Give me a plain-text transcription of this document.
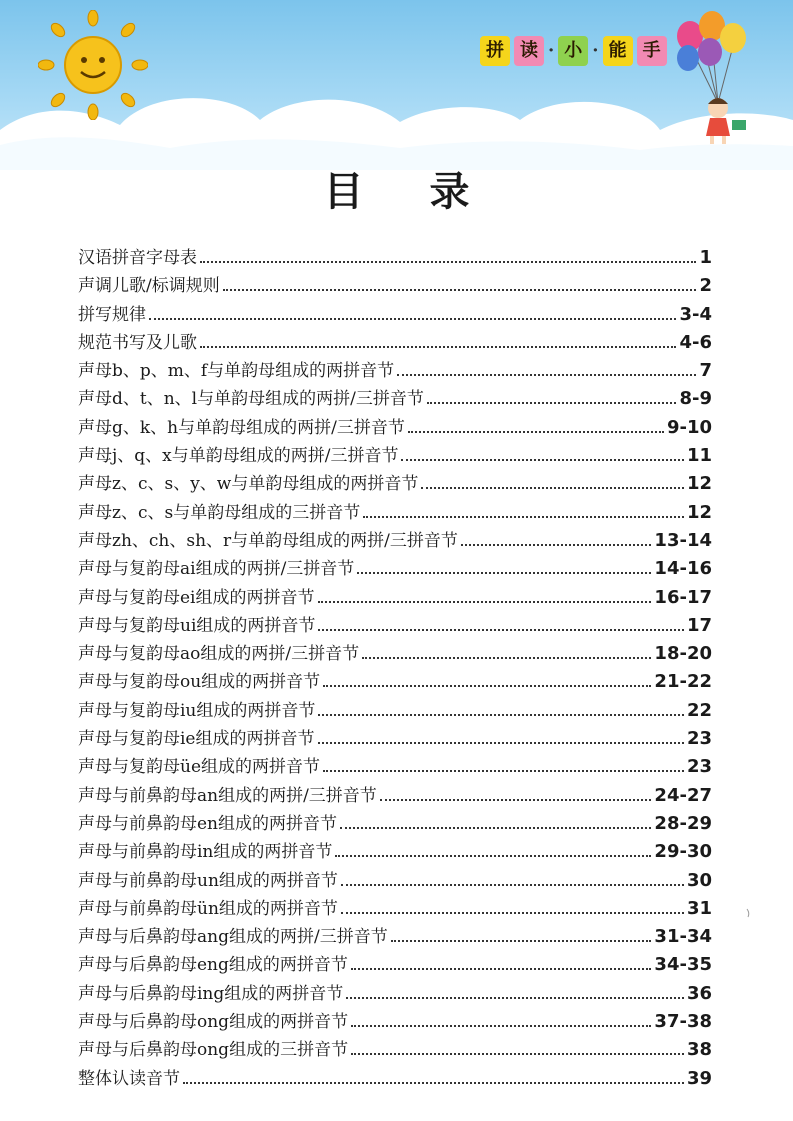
拼 读 · 小 · 能 手
目 录
汉语拼音字母表	1
声调儿歌/标调规则	2
拼写规律	3-4
规范书写及儿歌	4-6
声母b、p、m、f与单韵母组成的两拼音节	7
声母d、t、n、l与单韵母组成的两拼/三拼音节	8-9
声母g、k、h与单韵母组成的两拼/三拼音节	9-10
声母j、q、x与单韵母组成的两拼/三拼音节	11
声母z、c、s、y、w与单韵母组成的两拼音节	12
声母z、c、s与单韵母组成的三拼音节	12
声母zh、ch、sh、r与单韵母组成的两拼/三拼音节	13-14
声母与复韵母ai组成的两拼/三拼音节	14-16
声母与复韵母ei组成的两拼音节	16-17
声母与复韵母ui组成的两拼音节	17
声母与复韵母ao组成的两拼/三拼音节	18-20
声母与复韵母ou组成的两拼音节	21-22
声母与复韵母iu组成的两拼音节	22
声母与复韵母ie组成的两拼音节	23
声母与复韵母üe组成的两拼音节	23
声母与前鼻韵母an组成的两拼/三拼音节	24-27
声母与前鼻韵母en组成的两拼音节	28-29
声母与前鼻韵母in组成的两拼音节	29-30
声母与前鼻韵母un组成的两拼音节	30
声母与前鼻韵母ün组成的两拼音节	31
声母与后鼻韵母ang组成的两拼/三拼音节	31-34
声母与后鼻韵母eng组成的两拼音节	34-35
声母与后鼻韵母ing组成的两拼音节	36
声母与后鼻韵母ong组成的两拼音节	37-38
声母与后鼻韵母ong组成的三拼音节	38
整体认读音节	39
